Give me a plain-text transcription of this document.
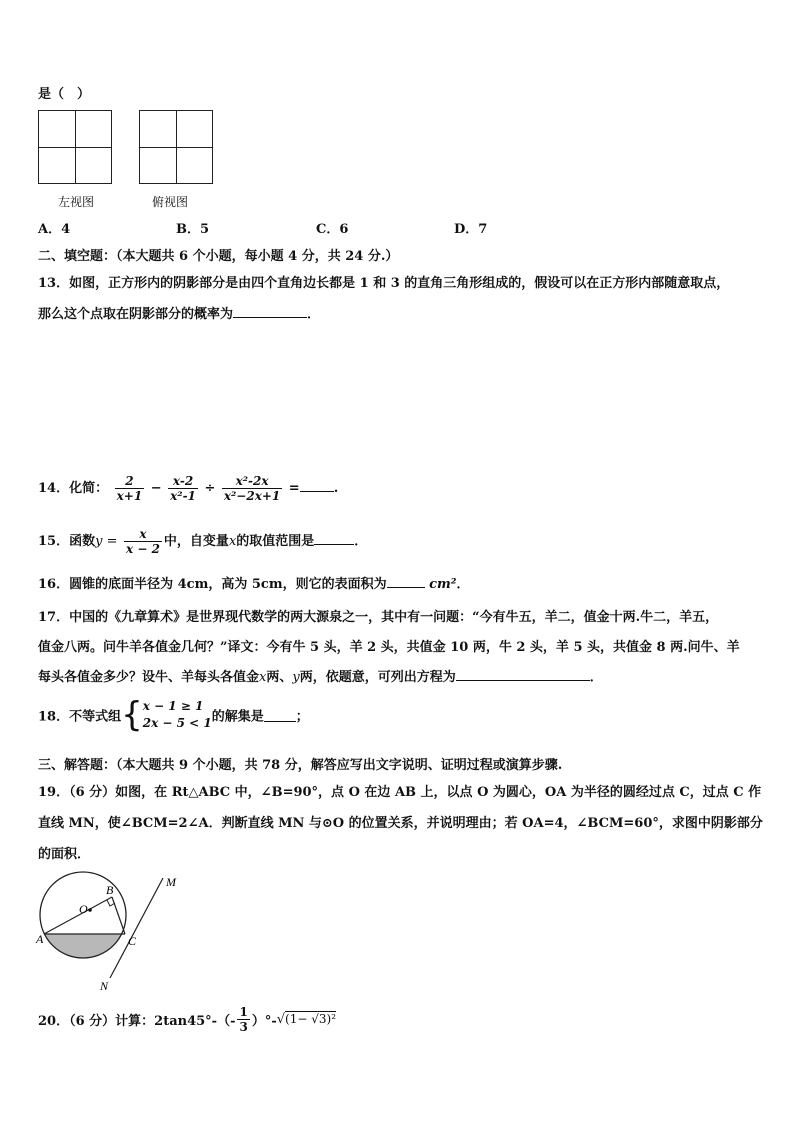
是（　）
左视图	俯视图
A．4	B．5	C．6	D．7
二、填空题：（本大题共 6 个小题，每小题 4 分，共 24 分.）
13．如图，正方形内的阴影部分是由四个直角边长都是 1 和 3 的直角三角形组成的，假设可以在正方形内部随意取点，
那么这个点取在阴影部分的概率为	．
14．化简： $\frac{2}{x+1} - \frac{x-2}{\text{x²-1}} \div \frac{\text{x²-2x}}{\text{x²−2x+1}}$ =	.
15．函数$y = \frac{x}{x - 2}$ 中，自变量x的取值范围是	．
16．圆锥的底面半径为 4cm，高为 5cm，则它的表面积为	cm²．
17．中国的《九章算术》是世界现代数学的两大源泉之一，其中有一问题：“今有牛五，羊二，值金十两.牛二，羊五，
值金八两。问牛羊各值金几何？”译文：今有牛 5 头，羊 2 头，共值金 10 两，牛 2 头，羊 5 头，共值金 8 两.问牛、羊
每头各值金多少？设牛、羊每头各值金x两、y两，依题意，可列出方程为	．
18．不等式组{ x − 1 ≥ 1
2x − 5 < 1 的解集是 ；
三、解答题：（本大题共 9 个小题，共 78 分，解答应写出文字说明、证明过程或演算步骤.
19．（6 分）如图，在 Rt△ABC 中，∠B=90°，点 O 在边 AB 上，以点 O 为圆心，OA 为半径的圆经过点 C，过点 C 作
直线 MN，使∠BCM=2∠A．判断直线 MN 与⊙O 的位置关系，并说明理由；若 OA=4，∠BCM=60°，求图中阴影部分
的面积．
M
B
O
A	C
N
20．（6 分）计算：$2\tan 45^\circ-(- \frac{1}{3} )^\circ-√(1- √3)^2$
